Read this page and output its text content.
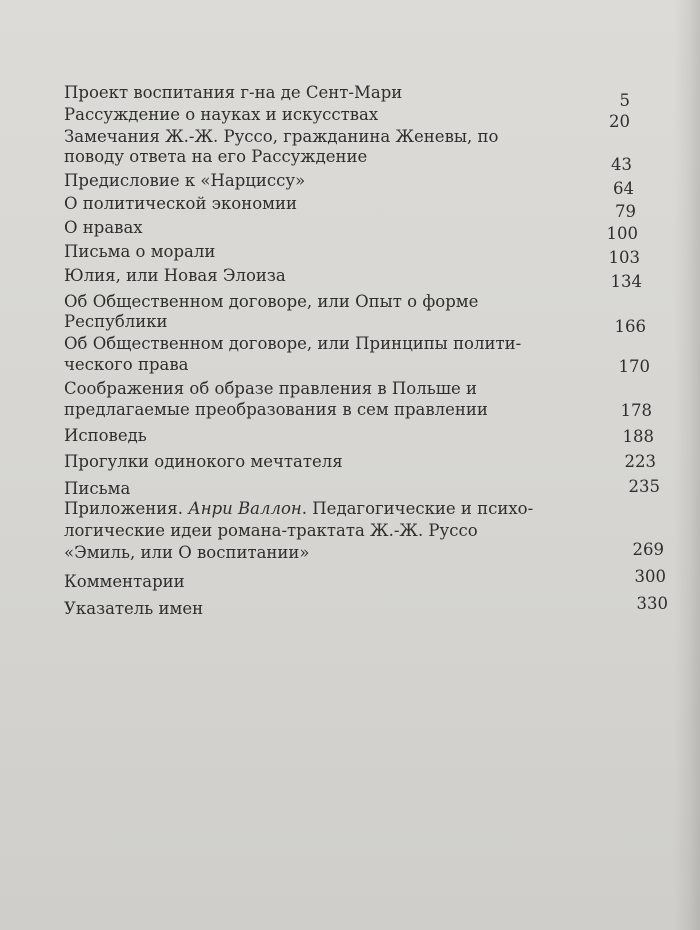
Проект воспитания г-на де Сент-Мари	5
Рассуждение о науках и искусствах	20
Замечания Ж.-Ж. Руссо, гражданина Женевы, по
поводу ответа на его Рассуждение	43
Предисловие к «Нарциссу»	64
О политической экономии	79
О нравах	100
Письма о морали	103
Юлия, или Новая Элоиза	134
Об Общественном договоре, или Опыт о форме
Республики	166
Об Общественном договоре, или Принципы полити-
ческого права	170
Соображения об образе правления в Польше и
предлагаемые преобразования в сем правлении	178
Исповедь	188
Прогулки одинокого мечтателя	223
Письма	235
Приложения. Анри Валлон. Педагогические и психо-
логические идеи романа-трактата Ж.-Ж. Руссо
«Эмиль, или О воспитании»	269
Комментарии	300
Указатель имен	330
